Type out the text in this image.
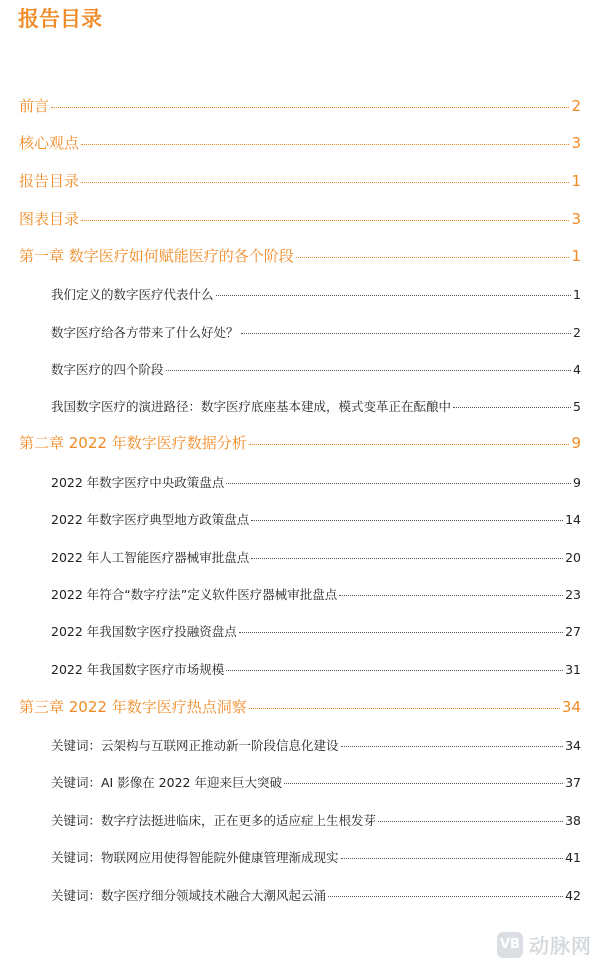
报告目录
前言	2
核心观点	3
报告目录	1
图表目录	3
第一章 数字医疗如何赋能医疗的各个阶段	1
我们定义的数字医疗代表什么	1
数字医疗给各方带来了什么好处？	2
数字医疗的四个阶段	4
我国数字医疗的演进路径：数字医疗底座基本建成，模式变革正在酝酿中	5
第二章 2022 年数字医疗数据分析	9
2022 年数字医疗中央政策盘点	9
2022 年数字医疗典型地方政策盘点	14
2022 年人工智能医疗器械审批盘点	20
2022 年符合“数字疗法”定义软件医疗器械审批盘点	23
2022 年我国数字医疗投融资盘点	27
2022 年我国数字医疗市场规模	31
第三章 2022 年数字医疗热点洞察	34
关键词：云架构与互联网正推动新一阶段信息化建设	34
关键词：AI 影像在 2022 年迎来巨大突破	37
关键词：数字疗法挺进临床，正在更多的适应症上生根发芽	38
关键词：物联网应用使得智能院外健康管理渐成现实	41
关键词：数字医疗细分领域技术融合大潮风起云涌	42
VB 动脉网
